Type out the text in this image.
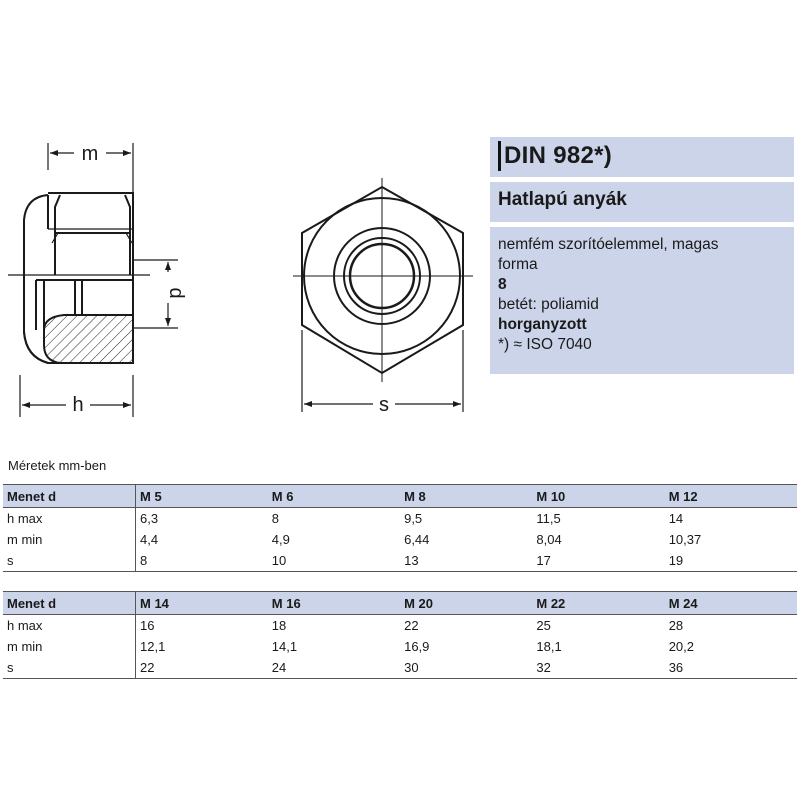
m
d
h	s
DIN 982*)
Hatlapú anyák
nemfém szorítóelemmel, magas
forma
8
betét: poliamid
horganyzott
*) ≈ ISO 7040
Méretek mm-ben
Menet d	M 5	M 6	M 8	M 10	M 12
h max	6,3	8	9,5	11,5	14
m min	4,4	4,9	6,44	8,04	10,37
s	8	10	13	17	19
Menet d	M 14	M 16	M 20	M 22	M 24
h max	16	18	22	25	28
m min	12,1	14,1	16,9	18,1	20,2
s	22	24	30	32	36
